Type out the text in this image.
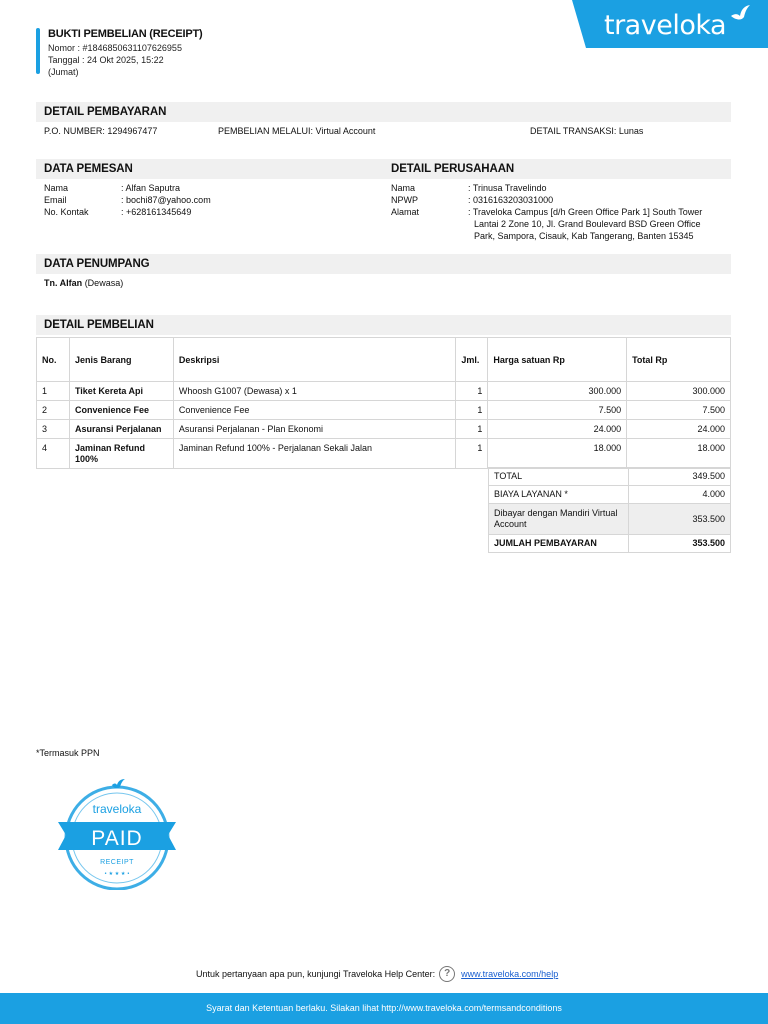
BUKTI PEMBELIAN (RECEIPT)
Nomor : #1846850631107626955
Tanggal : 24 Okt 2025, 15:22
(Jumat)
traveloka
DETAIL PEMBAYARAN
P.O. NUMBER: 1294967477	PEMBELIAN MELALUI: Virtual Account	DETAIL TRANSAKSI: Lunas
DATA PEMESAN
Nama	: Alfan Saputra
Email	: bochi87@yahoo.com
No. Kontak	: +628161345649
DETAIL PERUSAHAAN
Nama	: Trinusa Travelindo
NPWP	: 0316163203031000
Alamat	: Traveloka Campus [d/h Green Office Park 1] South Tower
Lantai 2 Zone 10, Jl. Grand Boulevard BSD Green Office
Park, Sampora, Cisauk, Kab Tangerang, Banten 15345
DATA PENUMPANG
Tn. Alfan (Dewasa)
DETAIL PEMBELIAN
No.	Jenis Barang	Deskripsi	Jml.	Harga satuan Rp	Total Rp
1	Tiket Kereta Api	Whoosh G1007 (Dewasa) x 1	1	300.000	300.000
2	Convenience Fee	Convenience Fee	1	7.500	7.500
3	Asuransi Perjalanan	Asuransi Perjalanan - Plan Ekonomi	1	24.000	24.000
4	Jaminan Refund 100%	Jaminan Refund 100% - Perjalanan Sekali Jalan	1	18.000	18.000
TOTAL	349.500
BIAYA LAYANAN *	4.000
Dibayar dengan Mandiri Virtual Account	353.500
JUMLAH PEMBAYARAN	353.500
*Termasuk PPN
traveloka
PAID
RECEIPT
• ★ ★ ★ •
Untuk pertanyaan apa pun, kunjungi Traveloka Help Center: ?	www.traveloka.com/help
Syarat dan Ketentuan berlaku. Silakan lihat http://www.traveloka.com/termsandconditions
